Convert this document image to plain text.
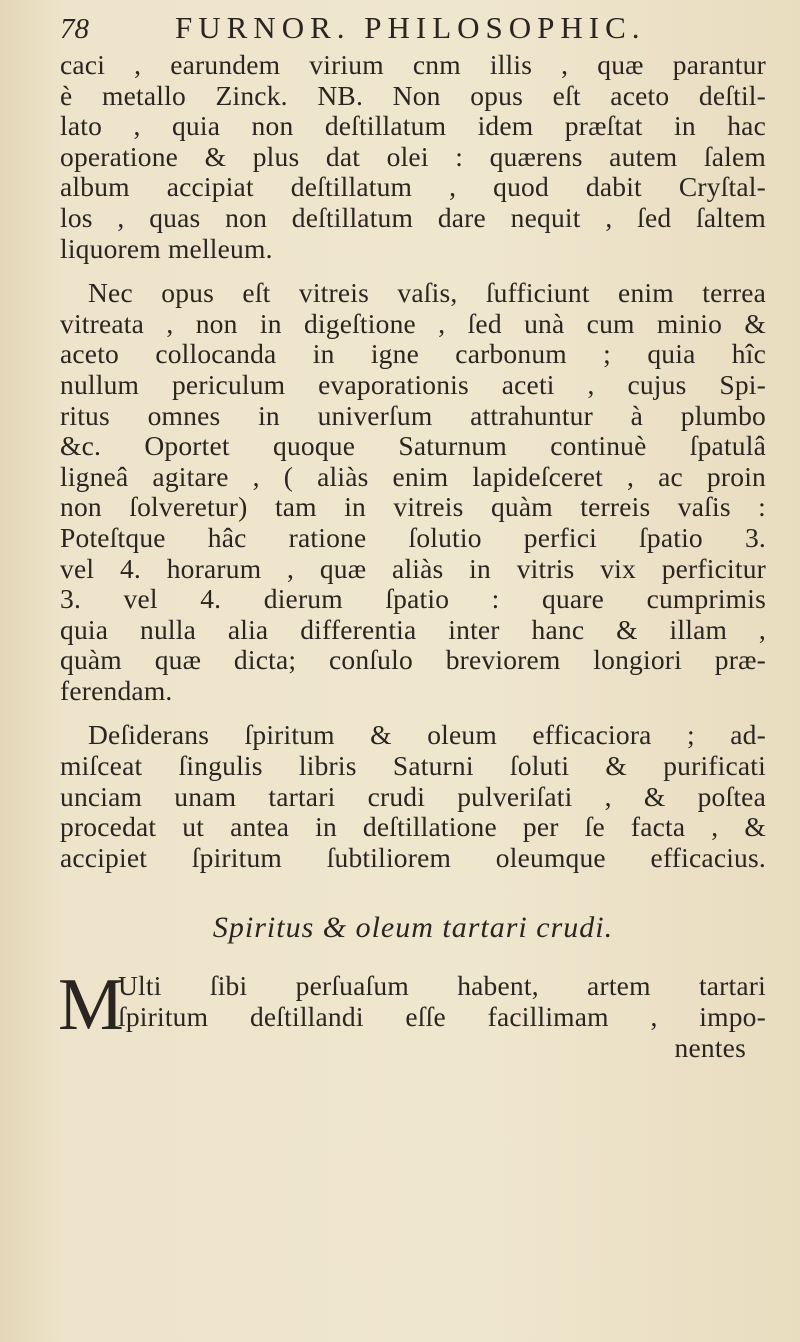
78	FURNOR. PHILOSOPHIC.
caci , earundem virium cnm illis , quæ parantur
è metallo Zinck. NB. Non opus eſt aceto deſtil-
lato , quia non deſtillatum idem præſtat in hac
operatione & plus dat olei : quærens autem ſalem
album accipiat deſtillatum , quod dabit Cryſtal-
los , quas non deſtillatum dare nequit , ſed ſaltem
liquorem melleum.
Nec opus eſt vitreis vaſis, ſufficiunt enim terrea
vitreata , non in digeſtione , ſed unà cum minio &
aceto collocanda in igne carbonum ; quia hîc
nullum periculum evaporationis aceti , cujus Spi-
ritus omnes in univerſum attrahuntur à plumbo
&c. Oportet quoque Saturnum continuè ſpatulâ
ligneâ agitare , ( aliàs enim lapideſceret , ac proin
non ſolveretur) tam in vitreis quàm terreis vaſis :
Poteſtque hâc ratione ſolutio perfici ſpatio 3.
vel 4. horarum , quæ aliàs in vitris vix perficitur
3. vel 4. dierum ſpatio : quare cumprimis
quia nulla alia differentia inter hanc & illam ,
quàm quæ dicta; conſulo breviorem longiori præ-
ferendam.
Deſiderans ſpiritum & oleum efficaciora ; ad-
miſceat ſingulis libris Saturni ſoluti & purificati
unciam unam tartari crudi pulveriſati , & poſtea
procedat ut antea in deſtillatione per ſe facta , &
accipiet ſpiritum ſubtiliorem oleumque efficacius.
Spiritus & oleum tartari crudi.
M
Ulti ſibi perſuaſum habent, artem tartari
ſpiritum deſtillandi eſſe facillimam , impo-
nentes
